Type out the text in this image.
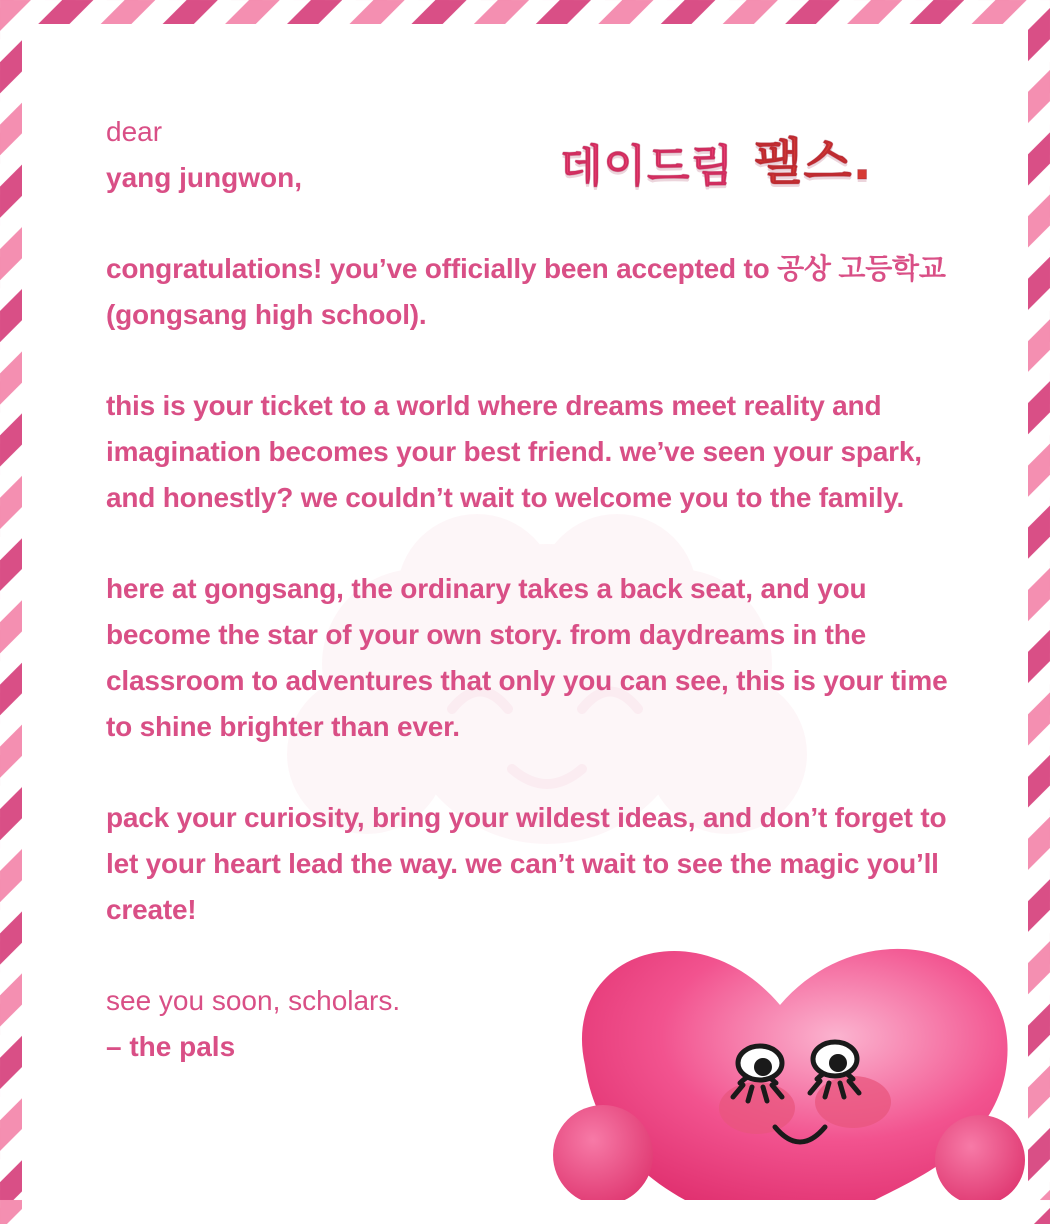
데이드림 팰스.

dear

yang jungwon,

congratulations! you’ve officially been accepted to 공상 고등학교 (gongsang high school).

this is your ticket to a world where dreams meet reality and imagination becomes your best friend. we’ve seen your spark, and honestly? we couldn’t wait to welcome you to the family.

here at gongsang, the ordinary takes a back seat, and you become the star of your own story. from daydreams in the classroom to adventures that only you can see, this is your time to shine brighter than ever.

pack your curiosity, bring your wildest ideas, and don’t forget to let your heart lead the way. we can’t wait to see the magic you’ll create!

see you soon, scholars.

– the pals
